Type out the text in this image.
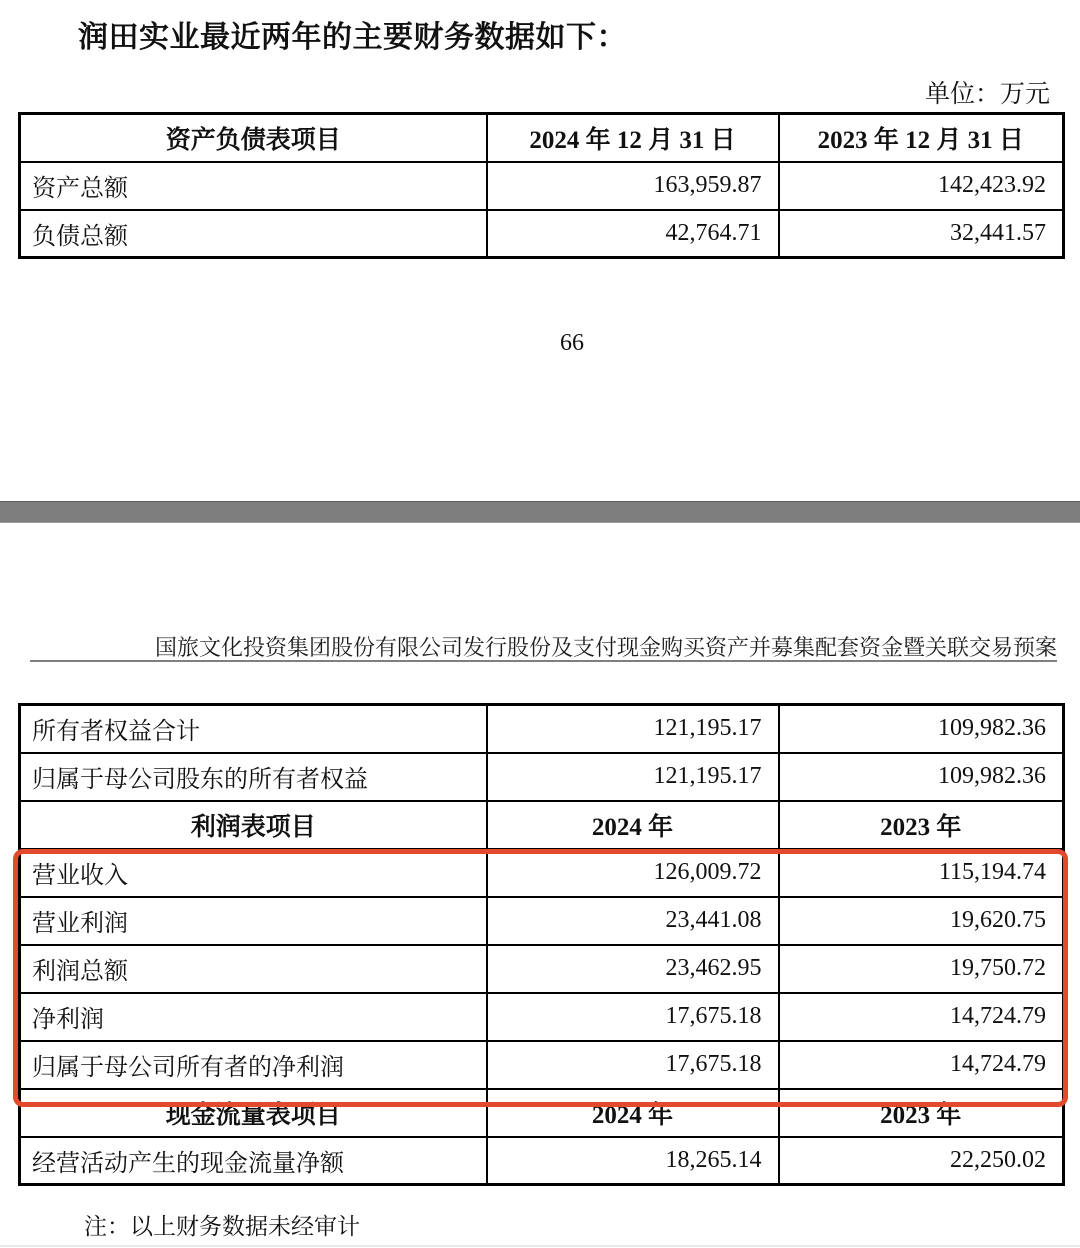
润田实业最近两年的主要财务数据如下：
单位：万元
资产负债表项目	2024 年 12 月 31 日	2023 年 12 月 31 日
资产总额	163,959.87	142,423.92
负债总额	42,764.71	32,441.57
66
国旅文化投资集团股份有限公司发行股份及支付现金购买资产并募集配套资金暨关联交易预案
所有者权益合计	121,195.17	109,982.36
归属于母公司股东的所有者权益	121,195.17	109,982.36
利润表项目	2024 年	2023 年
营业收入	126,009.72	115,194.74
营业利润	23,441.08	19,620.75
利润总额	23,462.95	19,750.72
净利润	17,675.18	14,724.79
归属于母公司所有者的净利润	17,675.18	14,724.79
现金流量表项目	2024 年	2023 年
经营活动产生的现金流量净额	18,265.14	22,250.02
注：以上财务数据未经审计
